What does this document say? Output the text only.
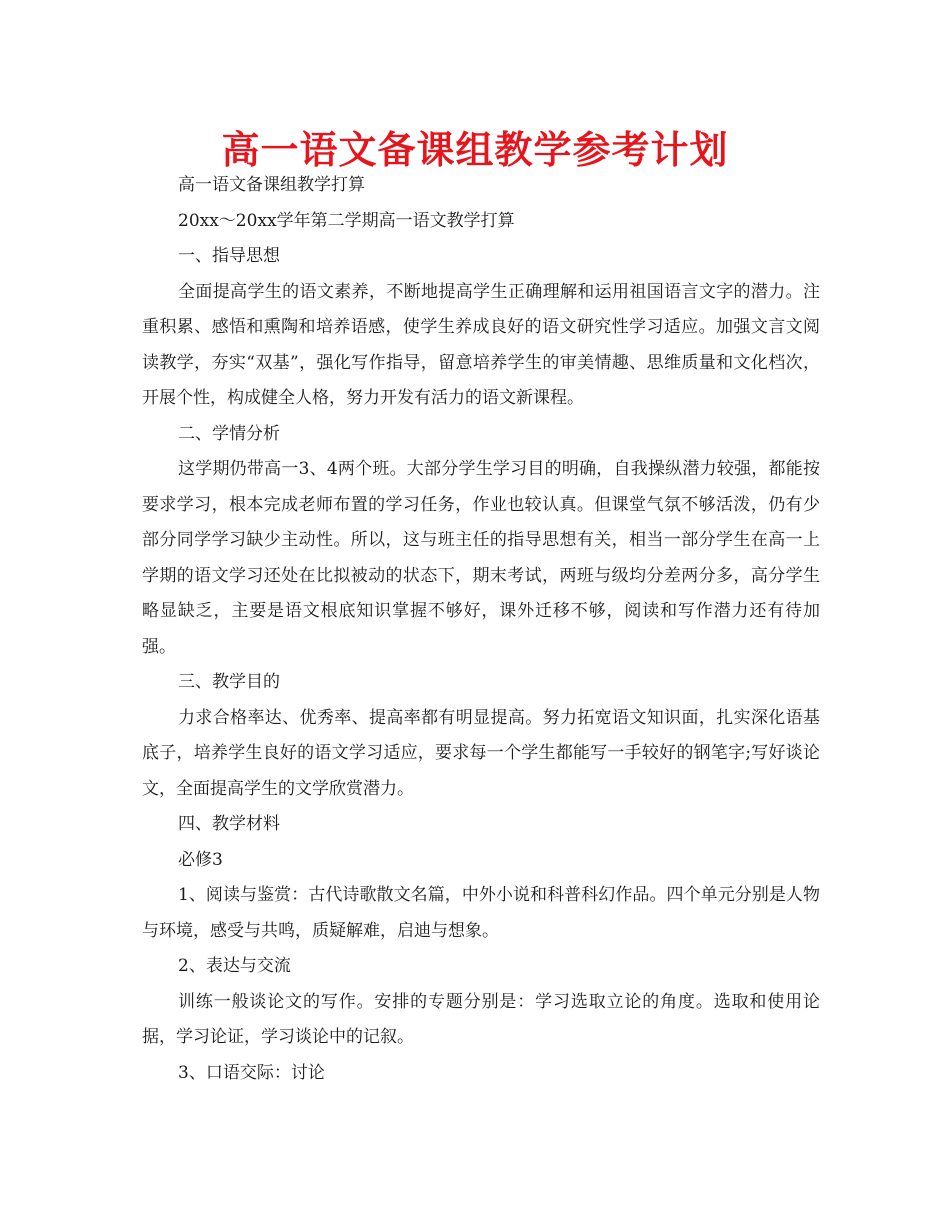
高一语文备课组教学参考计划

高一语文备课组教学打算

20xx～20xx学年第二学期高一语文教学打算

一、指导思想

全面提高学生的语文素养，不断地提高学生正确理解和运用祖国语言文字的潜力。注重积累、感悟和熏陶和培养语感，使学生养成良好的语文研究性学习适应。加强文言文阅读教学，夯实“双基”，强化写作指导，留意培养学生的审美情趣、思维质量和文化档次，开展个性，构成健全人格，努力开发有活力的语文新课程。

二、学情分析

这学期仍带高一3、4两个班。大部分学生学习目的明确，自我操纵潜力较强，都能按要求学习，根本完成老师布置的学习任务，作业也较认真。但课堂气氛不够活泼，仍有少部分同学学习缺少主动性。所以，这与班主任的指导思想有关，相当一部分学生在高一上学期的语文学习还处在比拟被动的状态下，期末考试，两班与级均分差两分多，高分学生略显缺乏，主要是语文根底知识掌握不够好，课外迁移不够，阅读和写作潜力还有待加强。

三、教学目的

力求合格率达、优秀率、提高率都有明显提高。努力拓宽语文知识面，扎实深化语基底子，培养学生良好的语文学习适应，要求每一个学生都能写一手较好的钢笔字;写好谈论文，全面提高学生的文学欣赏潜力。

四、教学材料

必修3

1、阅读与鉴赏：古代诗歌散文名篇，中外小说和科普科幻作品。四个单元分别是人物与环境，感受与共鸣，质疑解难，启迪与想象。

2、表达与交流

训练一般谈论文的写作。安排的专题分别是：学习选取立论的角度。选取和使用论据，学习论证，学习谈论中的记叙。

3、口语交际：讨论
